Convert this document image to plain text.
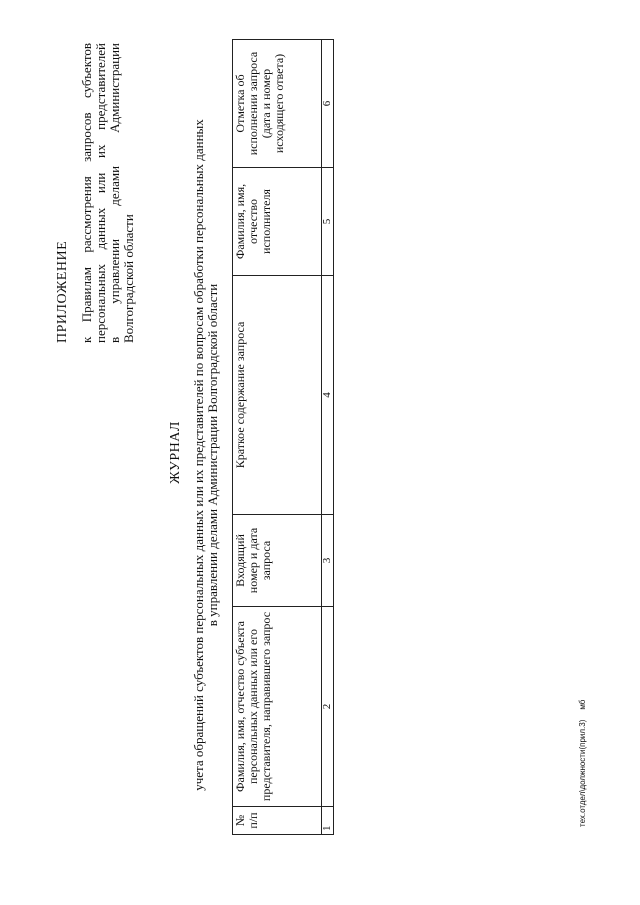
ПРИЛОЖЕНИЕ к Правилам рассмотрения запросов субъектов персональных данных или их представителей в управлении делами Администрации Волгоградской области
ЖУРНАЛ учета обращений субъектов персональных данных или их представителей по вопросам обработки персональных данных в управлении делами Администрации Волгоградской области
№ п/п	Фамилия, имя, отчество субъекта персональных данных или его представителя, направившего запрос	Входящий номер и дата запроса	Краткое содержание запроса	Фамилия, имя, отчество исполнителя	Отметка об исполнении запроса (дата и номер исходящего ответа)
1	2	3	4	5	6
тех.отдел\должности(прил.3)мб
